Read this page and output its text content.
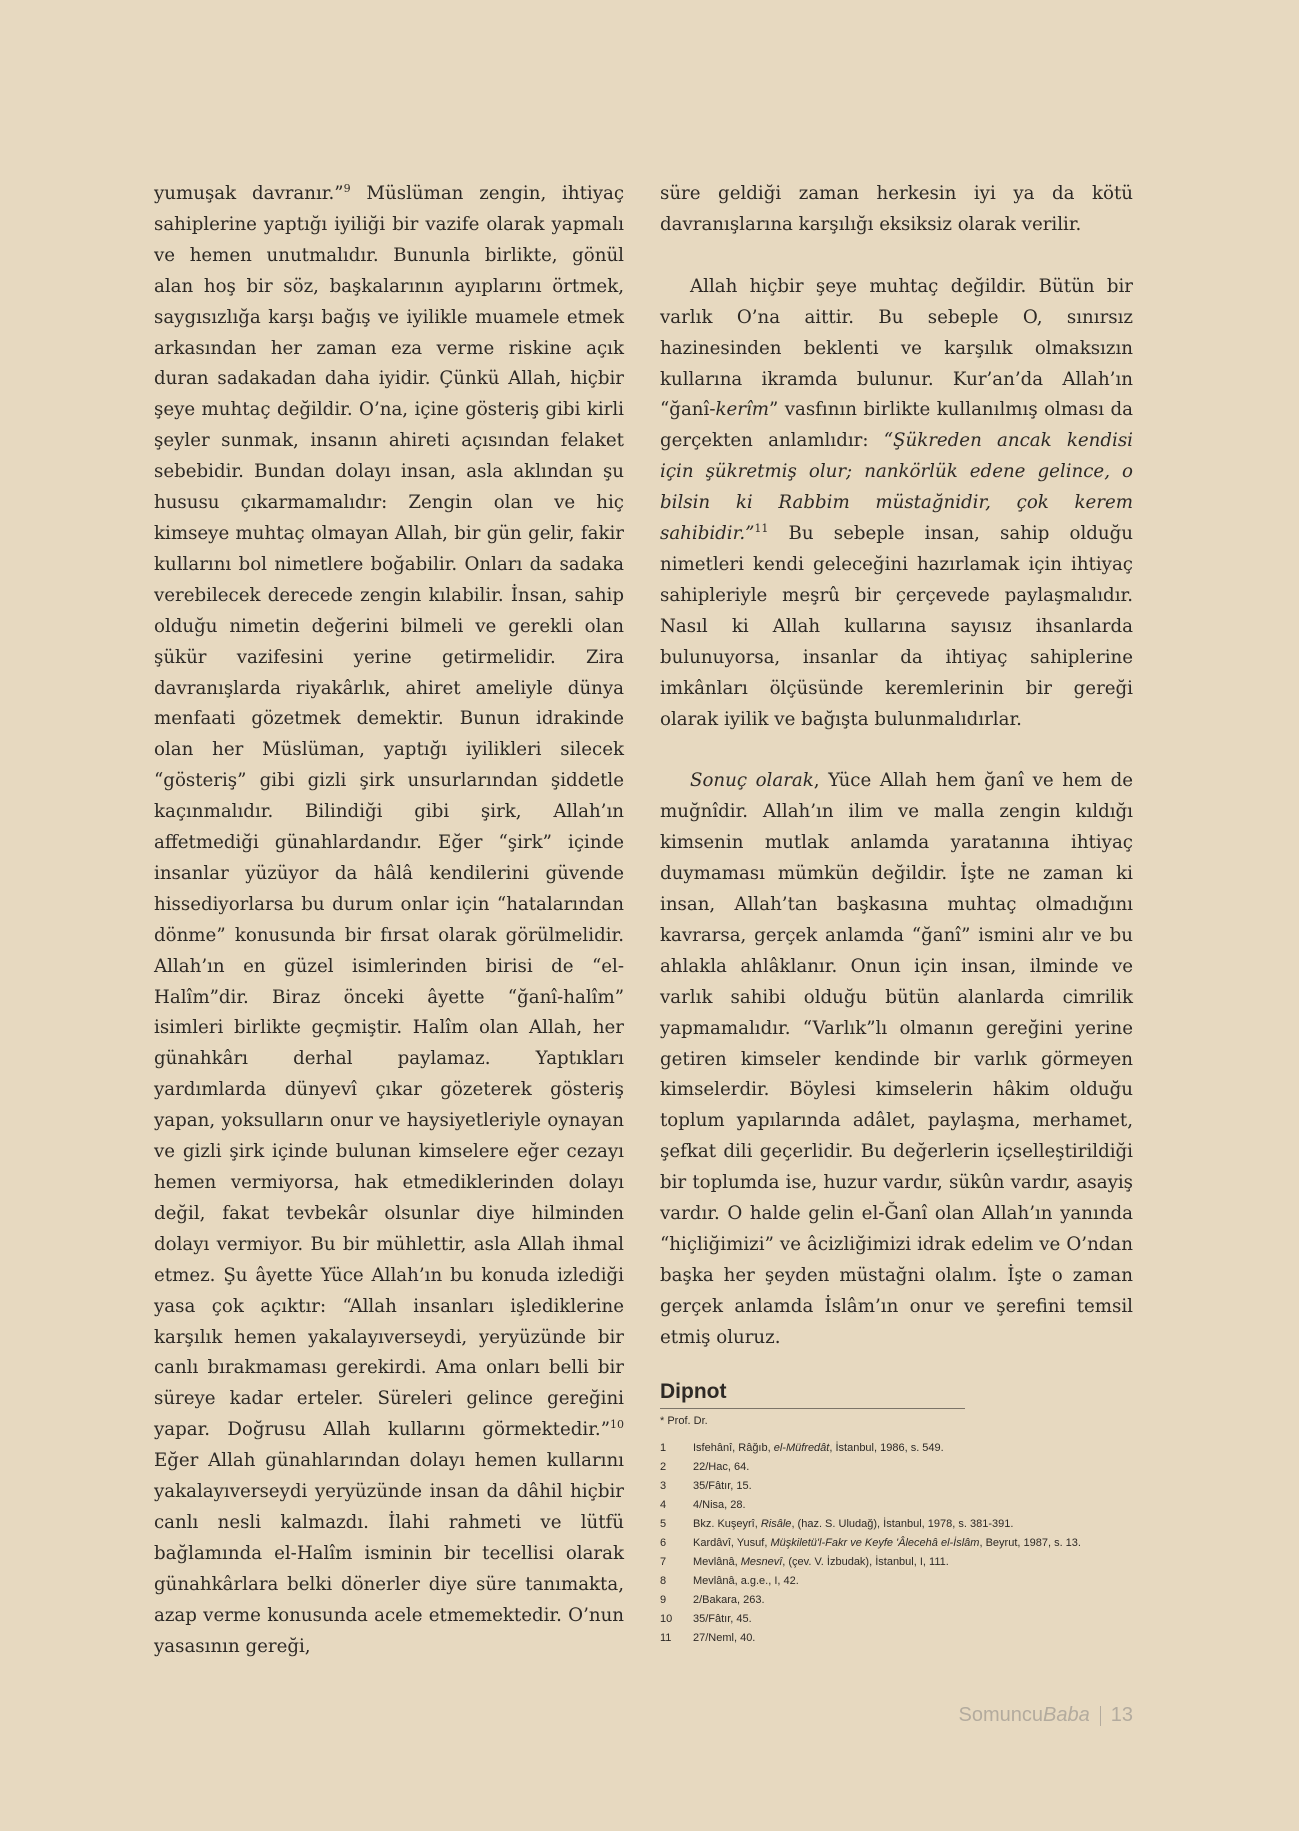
yumuşak davranır.”$^9$ Müslüman zengin, ihtiyaç sahiplerine yaptığı iyiliği bir vazife olarak yapmalı ve hemen unutmalıdır. Bununla birlikte, gönül alan hoş bir söz, başkalarının ayıplarını örtmek, saygısızlığa karşı bağış ve iyilikle muamele etmek arkasından her zaman eza verme riskine açık duran sadakadan daha iyidir. Çünkü Allah, hiçbir şeye muhtaç değildir. O’na, içine gösteriş gibi kirli şeyler sunmak, insanın ahireti açısından felaket sebebidir. Bundan dolayı insan, asla aklından şu hususu çıkarmamalıdır: Zengin olan ve hiç kimseye muhtaç olmayan Allah, bir gün gelir, fakir kullarını bol nimetlere boğabilir. Onları da sadaka verebilecek derecede zengin kılabilir. İnsan, sahip olduğu nimetin değerini bilmeli ve gerekli olan şükür vazifesini yerine getirmelidir. Zira davranışlarda riyakârlık, ahiret ameliyle dünya menfaati gözetmek demektir. Bunun idrakinde olan her Müslüman, yaptığı iyilikleri silecek “gösteriş” gibi gizli şirk unsurlarından şiddetle kaçınmalıdır. Bilindiği gibi şirk, Allah’ın affetmediği günahlardandır. Eğer “şirk” içinde insanlar yüzüyor da hâlâ kendilerini güvende hissediyorlarsa bu durum onlar için “hatalarından dönme” konusunda bir fırsat olarak görülmelidir. Allah’ın en güzel isimlerinden birisi de “el-Halîm”dir. Biraz önceki âyette “ğanî-halîm” isimleri birlikte geçmiştir. Halîm olan Allah, her günahkârı derhal paylamaz. Yaptıkları yardımlarda dünyevî çıkar gözeterek gösteriş yapan, yoksulların onur ve haysiyetleriyle oynayan ve gizli şirk içinde bulunan kimselere eğer cezayı hemen vermiyorsa, hak etmediklerinden dolayı değil, fakat tevbekâr olsunlar diye hilminden dolayı vermiyor. Bu bir mühlettir, asla Allah ihmal etmez. Şu âyette Yüce Allah’ın bu konuda izlediği yasa çok açıktır: “Allah insanları işlediklerine karşılık hemen yakalayıverseydi, yeryüzünde bir canlı bırakmaması gerekirdi. Ama onları belli bir süreye kadar erteler. Süreleri gelince gereğini yapar. Doğrusu Allah kullarını görmektedir.”$^{10}$ Eğer Allah günahlarından dolayı hemen kullarını yakalayıverseydi yeryüzünde insan da dâhil hiçbir canlı nesli kalmazdı. İlahi rahmeti ve lütfü bağlamında el-Halîm isminin bir tecellisi olarak günahkârlara belki dönerler diye süre tanımakta, azap verme konusunda acele etmemektedir. O’nun yasasının gereği,

süre geldiği zaman herkesin iyi ya da kötü davranışlarına karşılığı eksiksiz olarak verilir.

Allah hiçbir şeye muhtaç değildir. Bütün bir varlık O’na aittir. Bu sebeple O, sınırsız hazinesinden beklenti ve karşılık olmaksızın kullarına ikramda bulunur. Kur’an’da Allah’ın “ğanî-kerîm” vasfının birlikte kullanılmış olması da gerçekten anlamlıdır: “Şükreden ancak kendisi için şükretmiş olur; nankörlük edene gelince, o bilsin ki Rabbim müstağnidir, çok kerem sahibidir.”$^{11}$ Bu sebeple insan, sahip olduğu nimetleri kendi geleceğini hazırlamak için ihtiyaç sahipleriyle meşrû bir çerçevede paylaşmalıdır. Nasıl ki Allah kullarına sayısız ihsanlarda bulunuyorsa, insanlar da ihtiyaç sahiplerine imkânları ölçüsünde keremlerinin bir gereği olarak iyilik ve bağışta bulunmalıdırlar.

Sonuç olarak, Yüce Allah hem ğanî ve hem de muğnîdir. Allah’ın ilim ve malla zengin kıldığı kimsenin mutlak anlamda yaratanına ihtiyaç duymaması mümkün değildir. İşte ne zaman ki insan, Allah’tan başkasına muhtaç olmadığını kavrarsa, gerçek anlamda “ğanî” ismini alır ve bu ahlakla ahlâklanır. Onun için insan, ilminde ve varlık sahibi olduğu bütün alanlarda cimrilik yapmamalıdır. “Varlık”lı olmanın gereğini yerine getiren kimseler kendinde bir varlık görmeyen kimselerdir. Böylesi kimselerin hâkim olduğu toplum yapılarında adâlet, paylaşma, merhamet, şefkat dili geçerlidir. Bu değerlerin içselleştirildiği bir toplumda ise, huzur vardır, sükûn vardır, asayiş vardır. O halde gelin el-Ğanî olan Allah’ın yanında “hiçliğimizi” ve âcizliğimizi idrak edelim ve O’ndan başka her şeyden müstağni olalım. İşte o zaman gerçek anlamda İslâm’ın onur ve şerefini temsil etmiş oluruz.

Dipnot
* Prof. Dr.
1	Isfehânî, Râğıb, el-Müfredât, İstanbul, 1986, s. 549.
2	22/Hac, 64.
3	35/Fâtır, 15.
4	4/Nisa, 28.
5	Bkz. Kuşeyrî, Risâle, (haz. S. Uludağ), İstanbul, 1978, s. 381-391.
6	Kardâvî, Yusuf, Müşkiletü'l-Fakr ve Keyfe 'Âlecehâ el-İslâm, Beyrut, 1987, s. 13.
7	Mevlânâ, Mesnevî, (çev. V. İzbudak), İstanbul, I, 111.
8	Mevlânâ, a.g.e., I, 42.
9	2/Bakara, 263.
10	35/Fâtır, 45.
11	27/Neml, 40.
SomuncuBaba 13
